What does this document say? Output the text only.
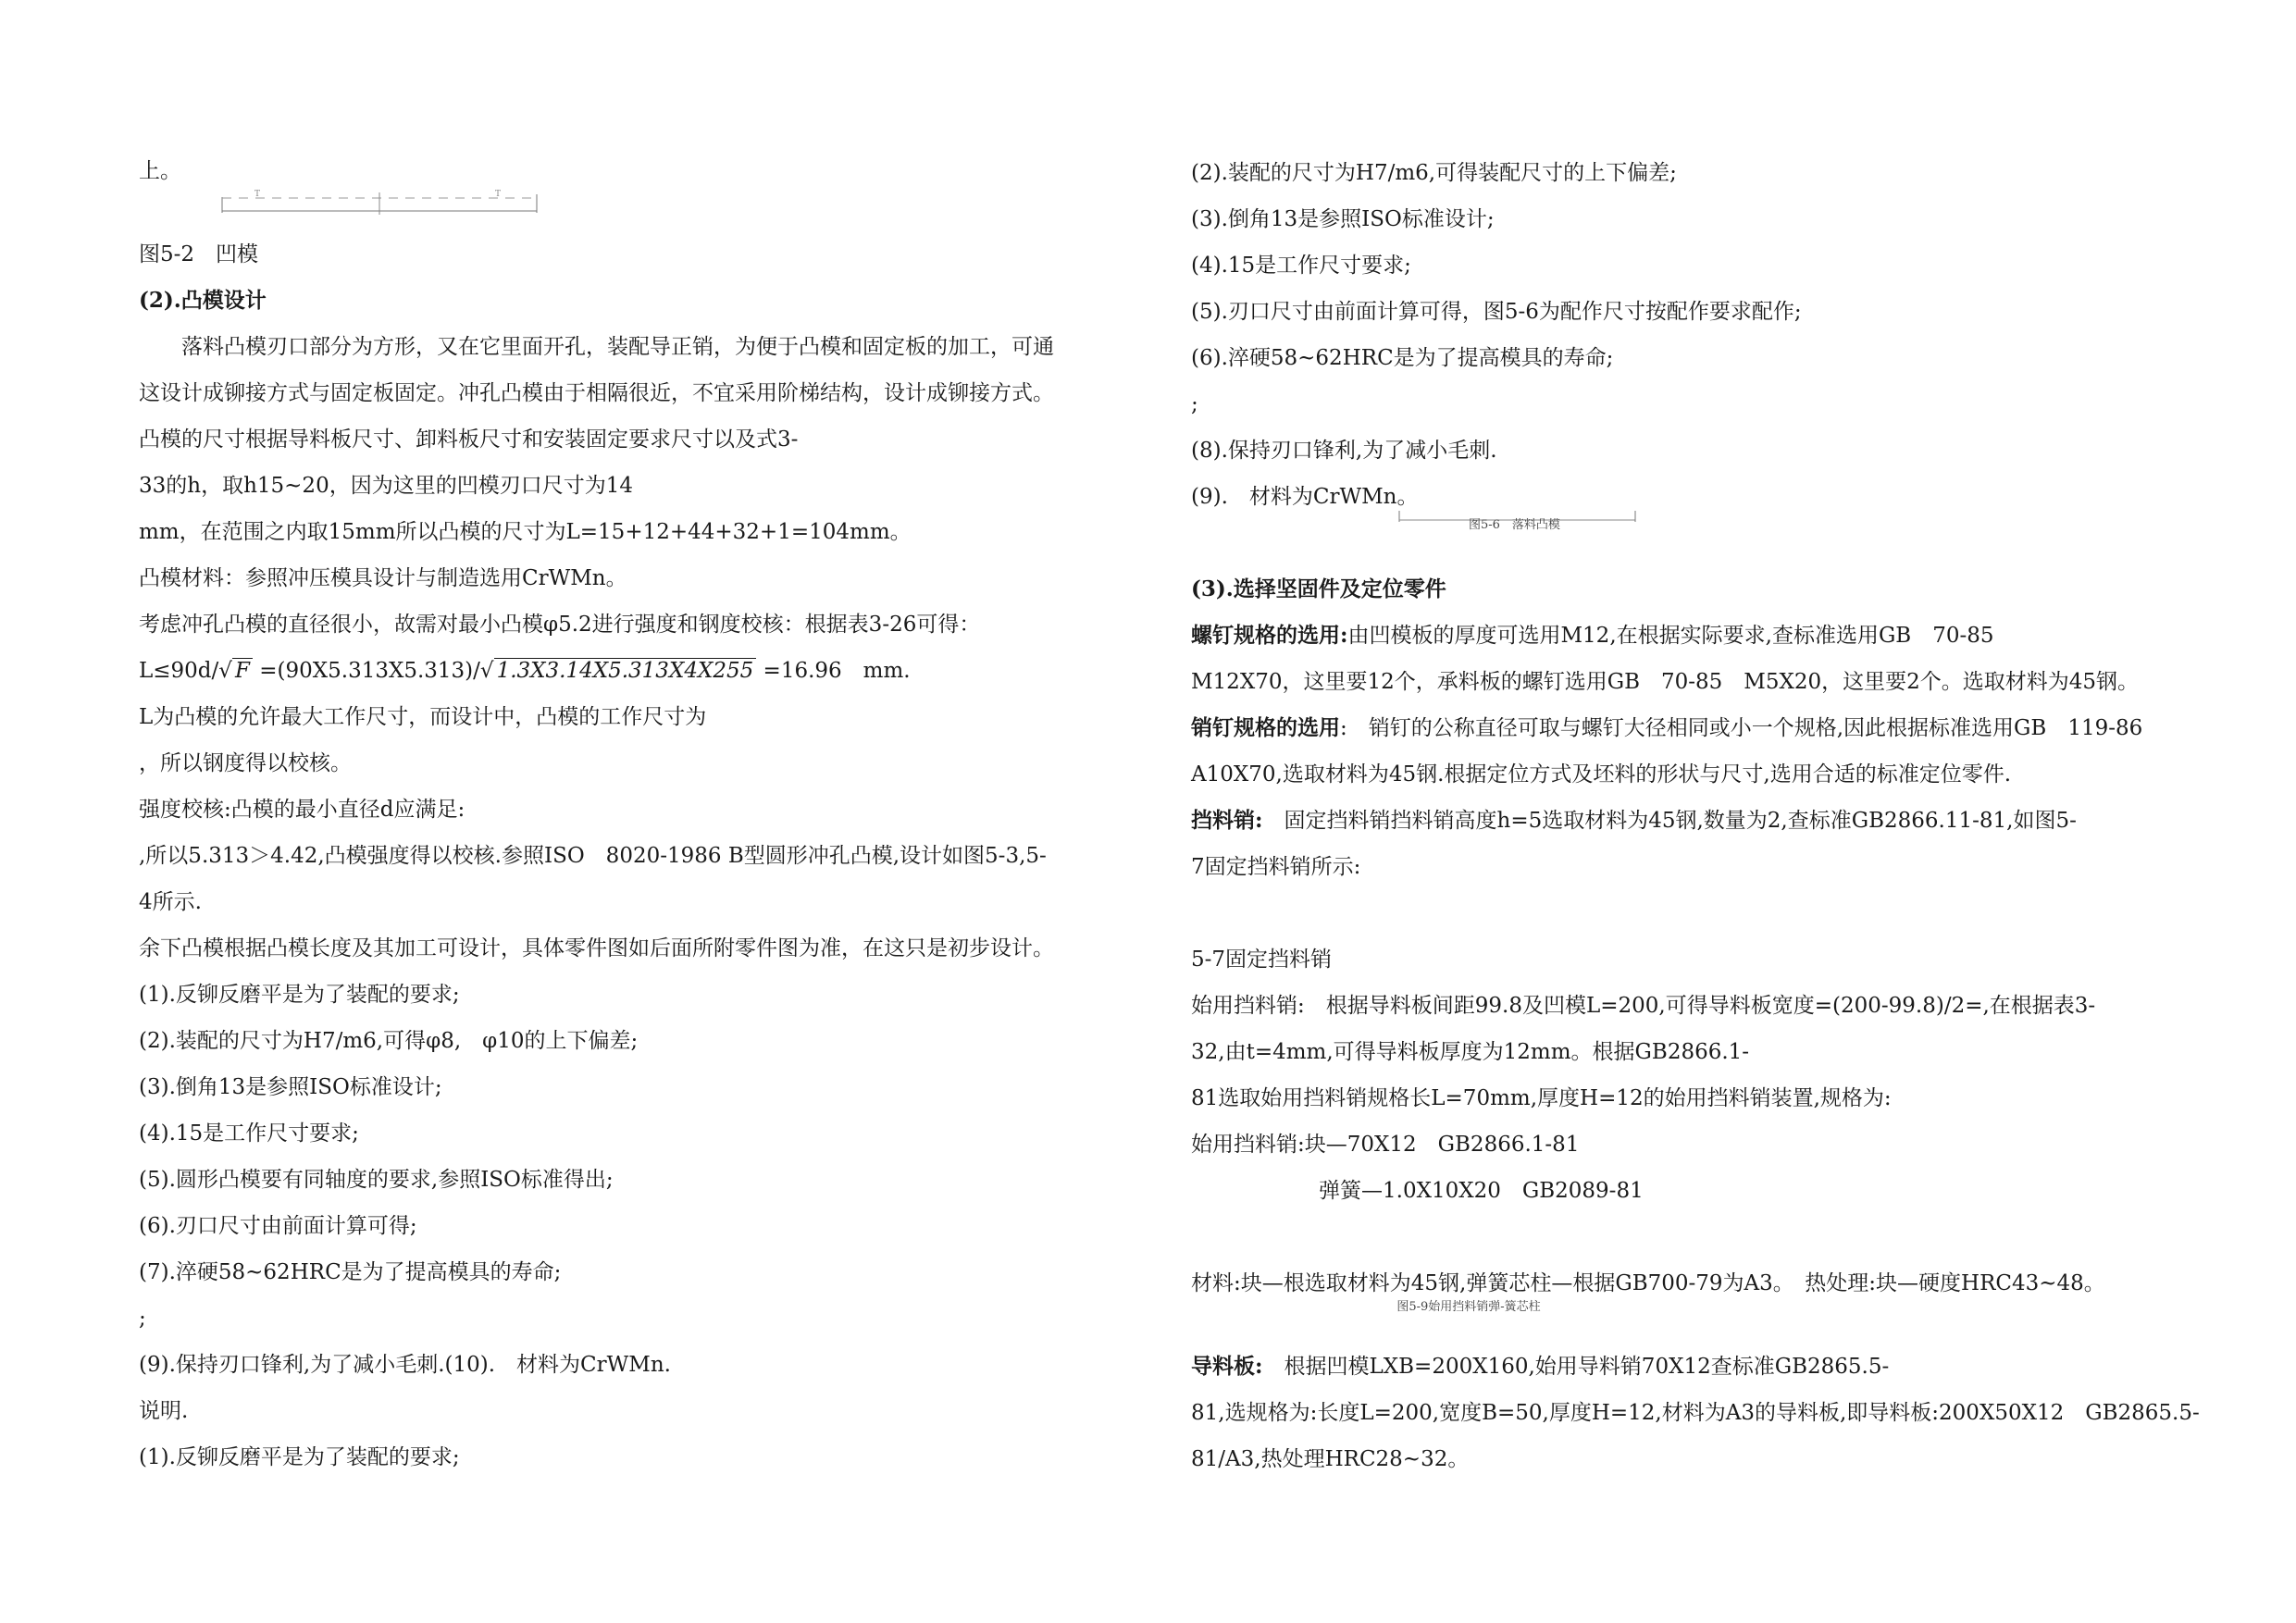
上。
T	T
图5-2　凹模
(2).凸模设计
落料凸模刃口部分为方形，又在它里面开孔，装配导正销，为便于凸模和固定板的加工，可通
这设计成铆接方式与固定板固定。冲孔凸模由于相隔很近，不宜采用阶梯结构，设计成铆接方式。
凸模的尺寸根据导料板尺寸、卸料板尺寸和安装固定要求尺寸以及式3-
33的h，取h15~20，因为这里的凹模刃口尺寸为14
mm，在范围之内取15mm所以凸模的尺寸为L=15+12+44+32+1=104mm。
凸模材料：参照冲压模具设计与制造选用CrWMn。
考虑冲孔凸模的直径很小，故需对最小凸模φ5.2进行强度和钢度校核：根据表3-26可得：
L≤90d/√ F =(90X5.313X5.313)/√ 1.3X3.14X5.313X4X255 =16.96　mm.
L为凸模的允许最大工作尺寸，而设计中，凸模的工作尺寸为
，所以钢度得以校核。
强度校核:凸模的最小直径d应满足:
,所以5.313＞4.42,凸模强度得以校核.参照ISO　8020-1986 B型圆形冲孔凸模,设计如图5-3,5-
4所示.
余下凸模根据凸模长度及其加工可设计，具体零件图如后面所附零件图为准，在这只是初步设计。
(1).反铆反磨平是为了装配的要求;
(2).装配的尺寸为H7/m6,可得φ8,　φ10的上下偏差;
(3).倒角13是参照ISO标准设计;
(4).15是工作尺寸要求;
(5).圆形凸模要有同轴度的要求,参照ISO标准得出;
(6).刃口尺寸由前面计算可得;
(7).淬硬58~62HRC是为了提高模具的寿命;
;
(9).保持刃口锋利,为了减小毛刺.(10).　材料为CrWMn.
说明.
(1).反铆反磨平是为了装配的要求;
(2).装配的尺寸为H7/m6,可得装配尺寸的上下偏差;
(3).倒角13是参照ISO标准设计;
(4).15是工作尺寸要求;
(5).刃口尺寸由前面计算可得，图5-6为配作尺寸按配作要求配作;
(6).淬硬58~62HRC是为了提高模具的寿命;
;
(8).保持刃口锋利,为了减小毛刺.
(9).　材料为CrWMn。
图5-6　落料凸模
(3).选择坚固件及定位零件
螺钉规格的选用:由凹模板的厚度可选用M12,在根据实际要求,查标准选用GB　70-85
M12X70，这里要12个，承料板的螺钉选用GB　70-85　M5X20，这里要2个。选取材料为45钢。
销钉规格的选用:　销钉的公称直径可取与螺钉大径相同或小一个规格,因此根据标准选用GB　119-86
A10X70,选取材料为45钢.根据定位方式及坯料的形状与尺寸,选用合适的标准定位零件.
挡料销:　固定挡料销挡料销高度h=5选取材料为45钢,数量为2,查标准GB2866.11-81,如图5-
7固定挡料销所示:
5-7固定挡料销
始用挡料销:　根据导料板间距99.8及凹模L=200,可得导料板宽度=(200-99.8)/2=,在根据表3-
32,由t=4mm,可得导料板厚度为12mm。根据GB2866.1-
81选取始用挡料销规格长L=70mm,厚度H=12的始用挡料销装置,规格为:
始用挡料销:块—70X12　GB2866.1-81
弹簧—1.0X10X20　GB2089-81
材料:块—根选取材料为45钢,弹簧芯柱—根据GB700-79为A3。　热处理:块—硬度HRC43~48。
图5-9始用挡料销弹-簧芯柱
导料板:　根据凹模LXB=200X160,始用导料销70X12查标准GB2865.5-
81,选规格为:长度L=200,宽度B=50,厚度H=12,材料为A3的导料板,即导料板:200X50X12　GB2865.5-
81/A3,热处理HRC28~32。
